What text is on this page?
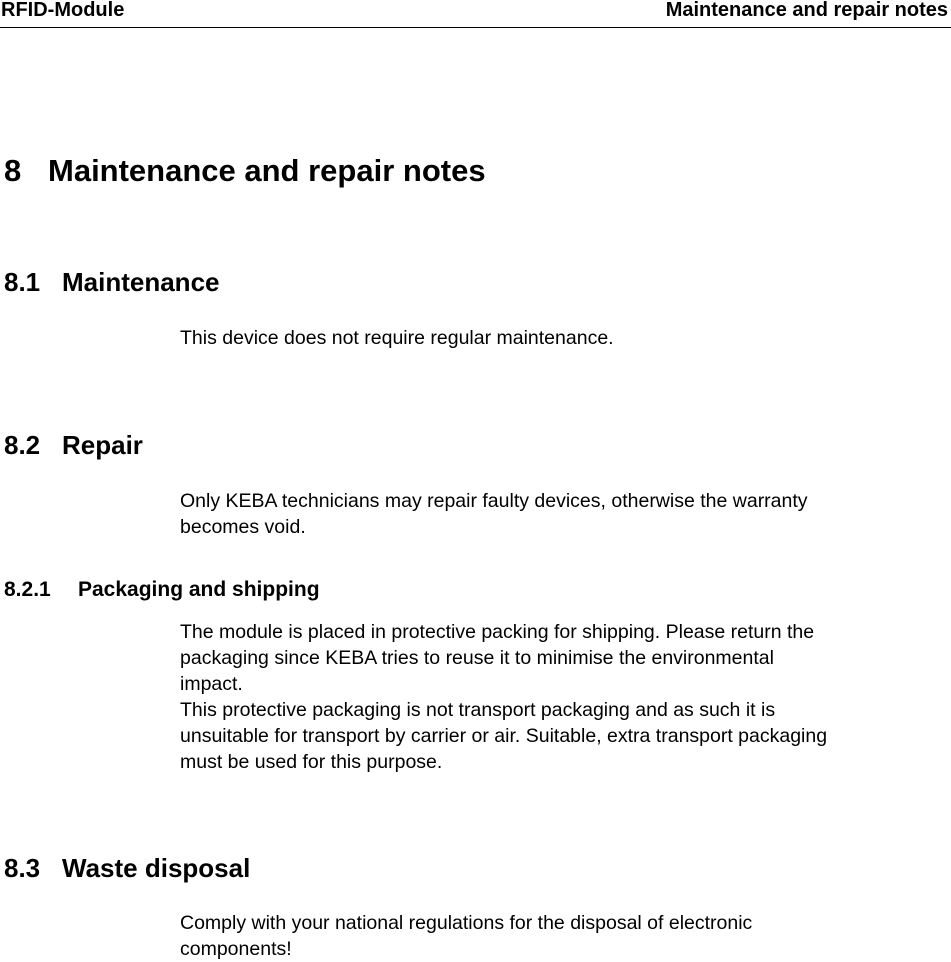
RFID-Module	Maintenance and repair notes
8 Maintenance and repair notes
8.1 Maintenance
This device does not require regular maintenance.
8.2 Repair
Only KEBA technicians may repair faulty devices, otherwise the warranty
becomes void.
8.2.1 Packaging and shipping
The module is placed in protective packing for shipping. Please return the
packaging since KEBA tries to reuse it to minimise the environmental
impact.
This protective packaging is not transport packaging and as such it is
unsuitable for transport by carrier or air. Suitable, extra transport packaging
must be used for this purpose.
8.3 Waste disposal
Comply with your national regulations for the disposal of electronic
components!
